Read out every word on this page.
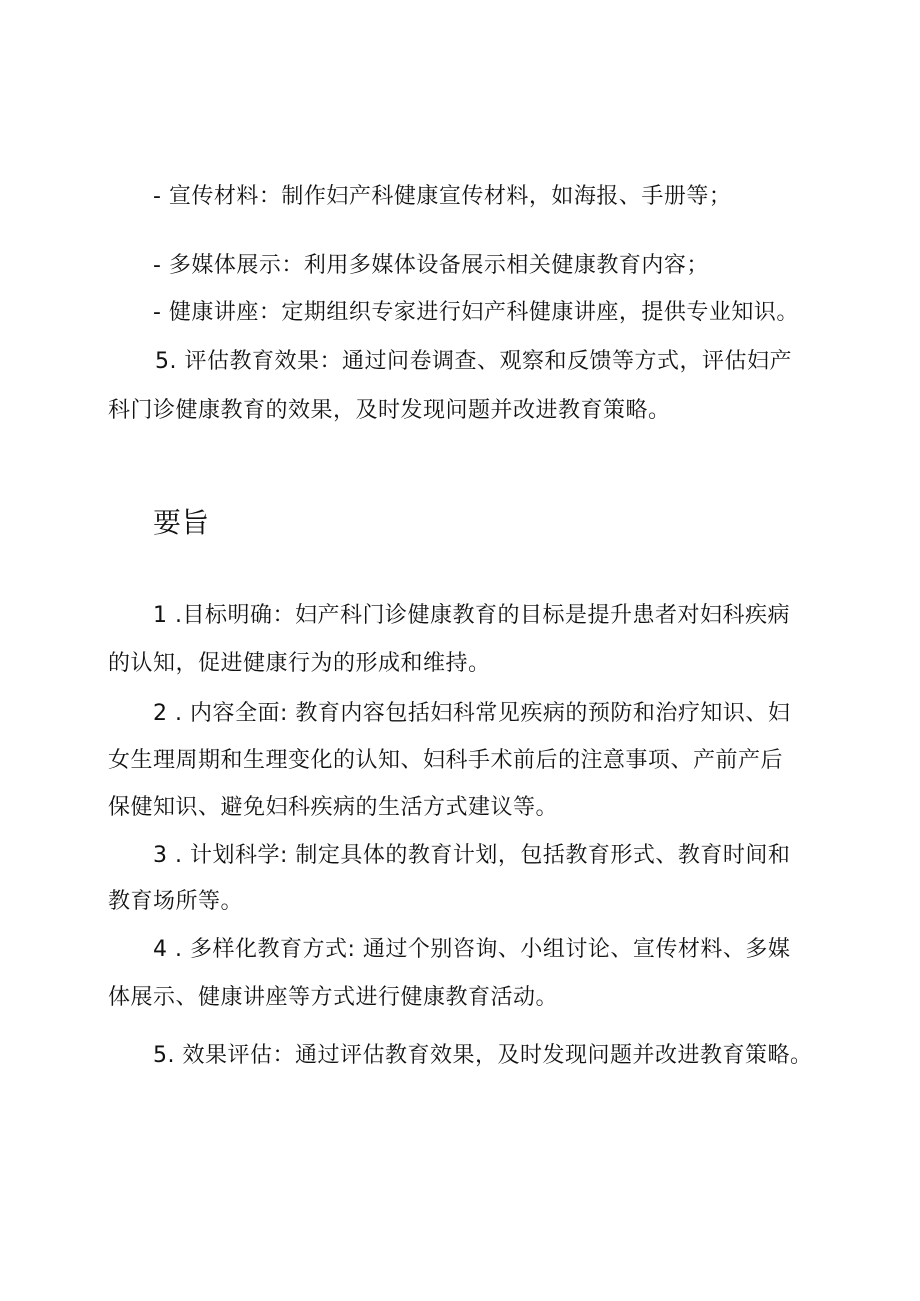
- 宣传材料：制作妇产科健康宣传材料，如海报、手册等；

- 多媒体展示：利用多媒体设备展示相关健康教育内容；

- 健康讲座：定期组织专家进行妇产科健康讲座，提供专业知识。

5. 评估教育效果：通过问卷调查、观察和反馈等方式，评估妇产

科门诊健康教育的效果，及时发现问题并改进教育策略。

要旨

1 .目标明确：妇产科门诊健康教育的目标是提升患者对妇科疾病

的认知，促进健康行为的形成和维持。

2 . 内容全面: 教育内容包括妇科常见疾病的预防和治疗知识、妇

女生理周期和生理变化的认知、妇科手术前后的注意事项、产前产后

保健知识、避免妇科疾病的生活方式建议等。

3 . 计划科学: 制定具体的教育计划，包括教育形式、教育时间和

教育场所等。

4 . 多样化教育方式: 通过个别咨询、小组讨论、宣传材料、多媒

体展示、健康讲座等方式进行健康教育活动。

5. 效果评估：通过评估教育效果，及时发现问题并改进教育策略。
